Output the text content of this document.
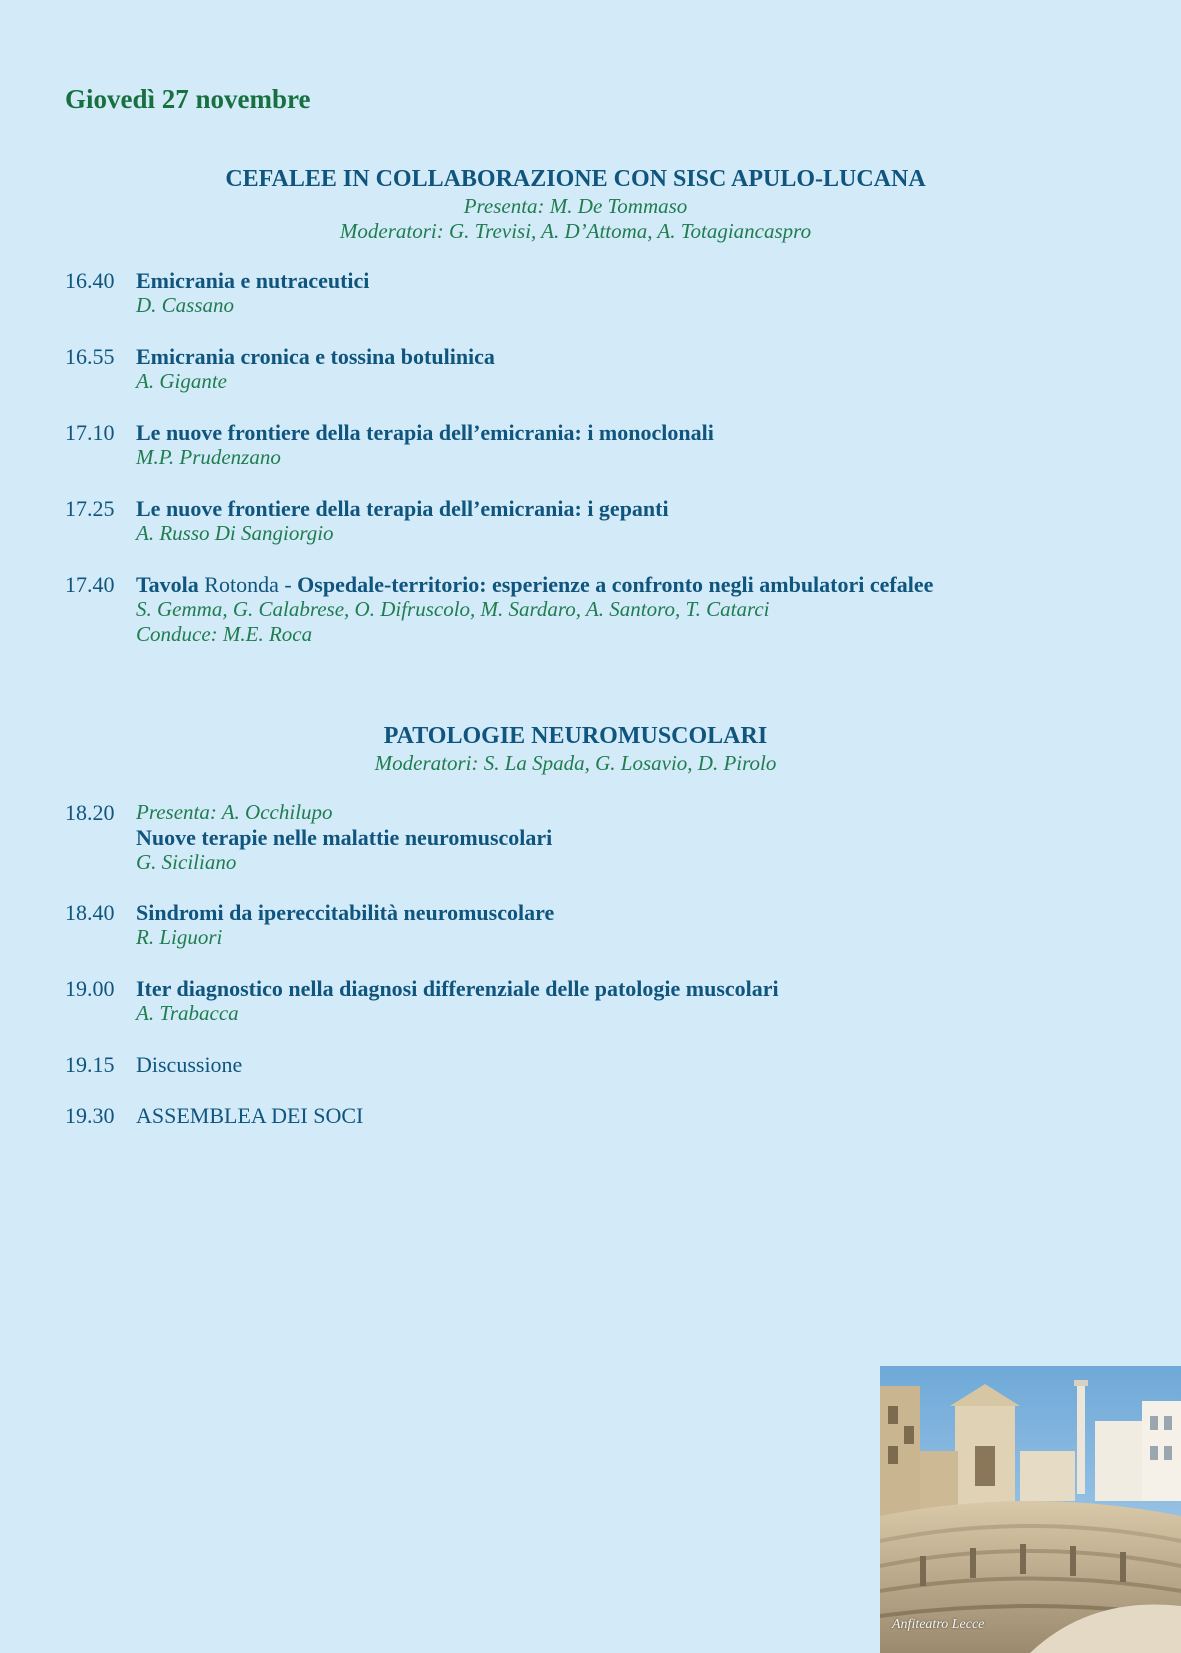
Giovedì 27 novembre
CEFALEE IN COLLABORAZIONE CON SISC APULO-LUCANA
Presenta: M. De Tommaso
Moderatori: G. Trevisi, A. D’Attoma, A. Totagiancaspro
16.40 Emicrania e nutraceutici
D. Cassano
16.55 Emicrania cronica e tossina botulinica
A. Gigante
17.10 Le nuove frontiere della terapia dell’emicrania: i monoclonali
M.P. Prudenzano
17.25 Le nuove frontiere della terapia dell’emicrania: i gepanti
A. Russo Di Sangiorgio
17.40 Tavola Rotonda - Ospedale-territorio: esperienze a confronto negli ambulatori cefalee
S. Gemma, G. Calabrese, O. Difruscolo, M. Sardaro, A. Santoro, T. Catarci
Conduce: M.E. Roca
PATOLOGIE NEUROMUSCOLARI
Moderatori: S. La Spada, G. Losavio, D. Pirolo
18.20 Presenta: A. Occhilupo
Nuove terapie nelle malattie neuromuscolari
G. Siciliano
18.40 Sindromi da ipereccitabilità neuromuscolare
R. Liguori
19.00 Iter diagnostico nella diagnosi differenziale delle patologie muscolari
A. Trabacca
19.15 Discussione
19.30 ASSEMBLEA DEI SOCI
Anfiteatro Lecce
